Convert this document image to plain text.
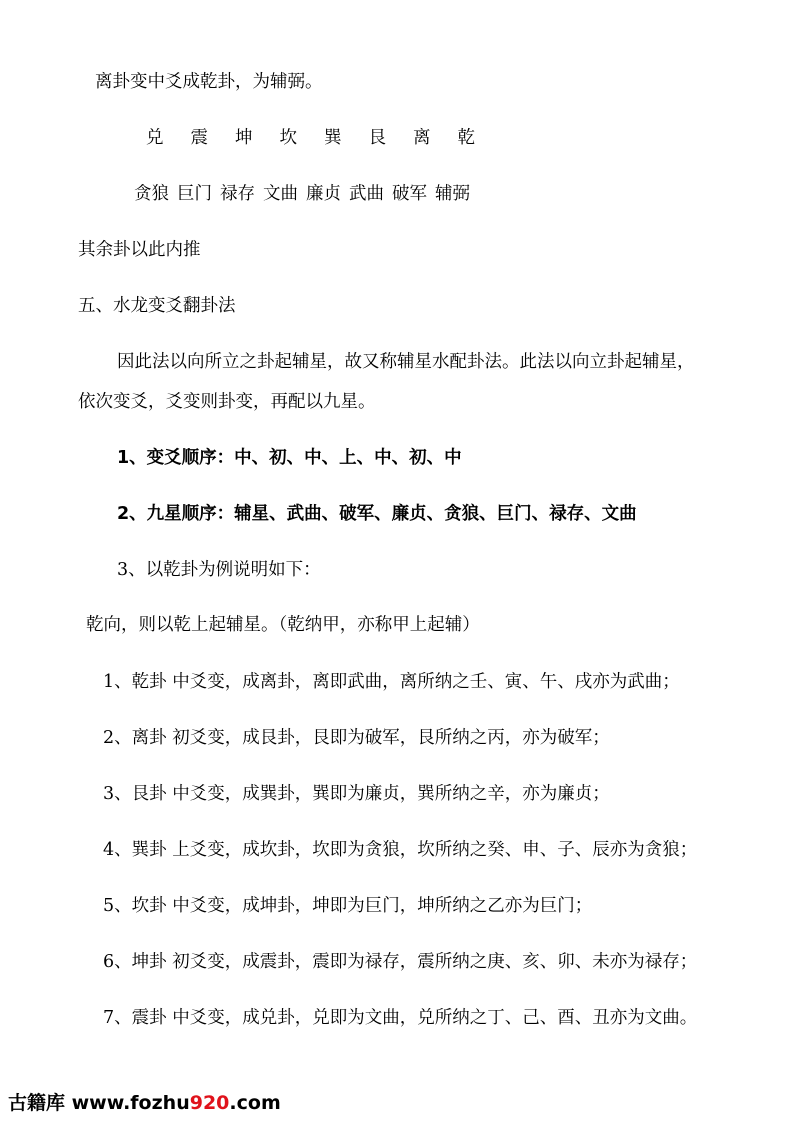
离卦变中爻成乾卦，为辅弼。
兑 震 坤 坎 巽 艮 离 乾
贪狼 巨门 禄存 文曲 廉贞 武曲 破军 辅弼
其余卦以此内推
五、水龙变爻翻卦法
因此法以向所立之卦起辅星，故又称辅星水配卦法。此法以向立卦起辅星，
依次变爻，爻变则卦变，再配以九星。
1、变爻顺序：中、初、中、上、中、初、中
2、九星顺序：辅星、武曲、破军、廉贞、贪狼、巨门、禄存、文曲
3、以乾卦为例说明如下：
乾向，则以乾上起辅星。（乾纳甲，亦称甲上起辅）
1、乾卦 中爻变，成离卦，离即武曲，离所纳之壬、寅、午、戌亦为武曲；
2、离卦 初爻变，成艮卦，艮即为破军，艮所纳之丙，亦为破军；
3、艮卦 中爻变，成巽卦，巽即为廉贞，巽所纳之辛，亦为廉贞；
4、巽卦 上爻变，成坎卦，坎即为贪狼，坎所纳之癸、申、子、辰亦为贪狼；
5、坎卦 中爻变，成坤卦，坤即为巨门，坤所纳之乙亦为巨门；
6、坤卦 初爻变，成震卦，震即为禄存，震所纳之庚、亥、卯、未亦为禄存；
7、震卦 中爻变，成兑卦，兑即为文曲，兑所纳之丁、己、酉、丑亦为文曲。
古籍库 www.fozhu920.com
